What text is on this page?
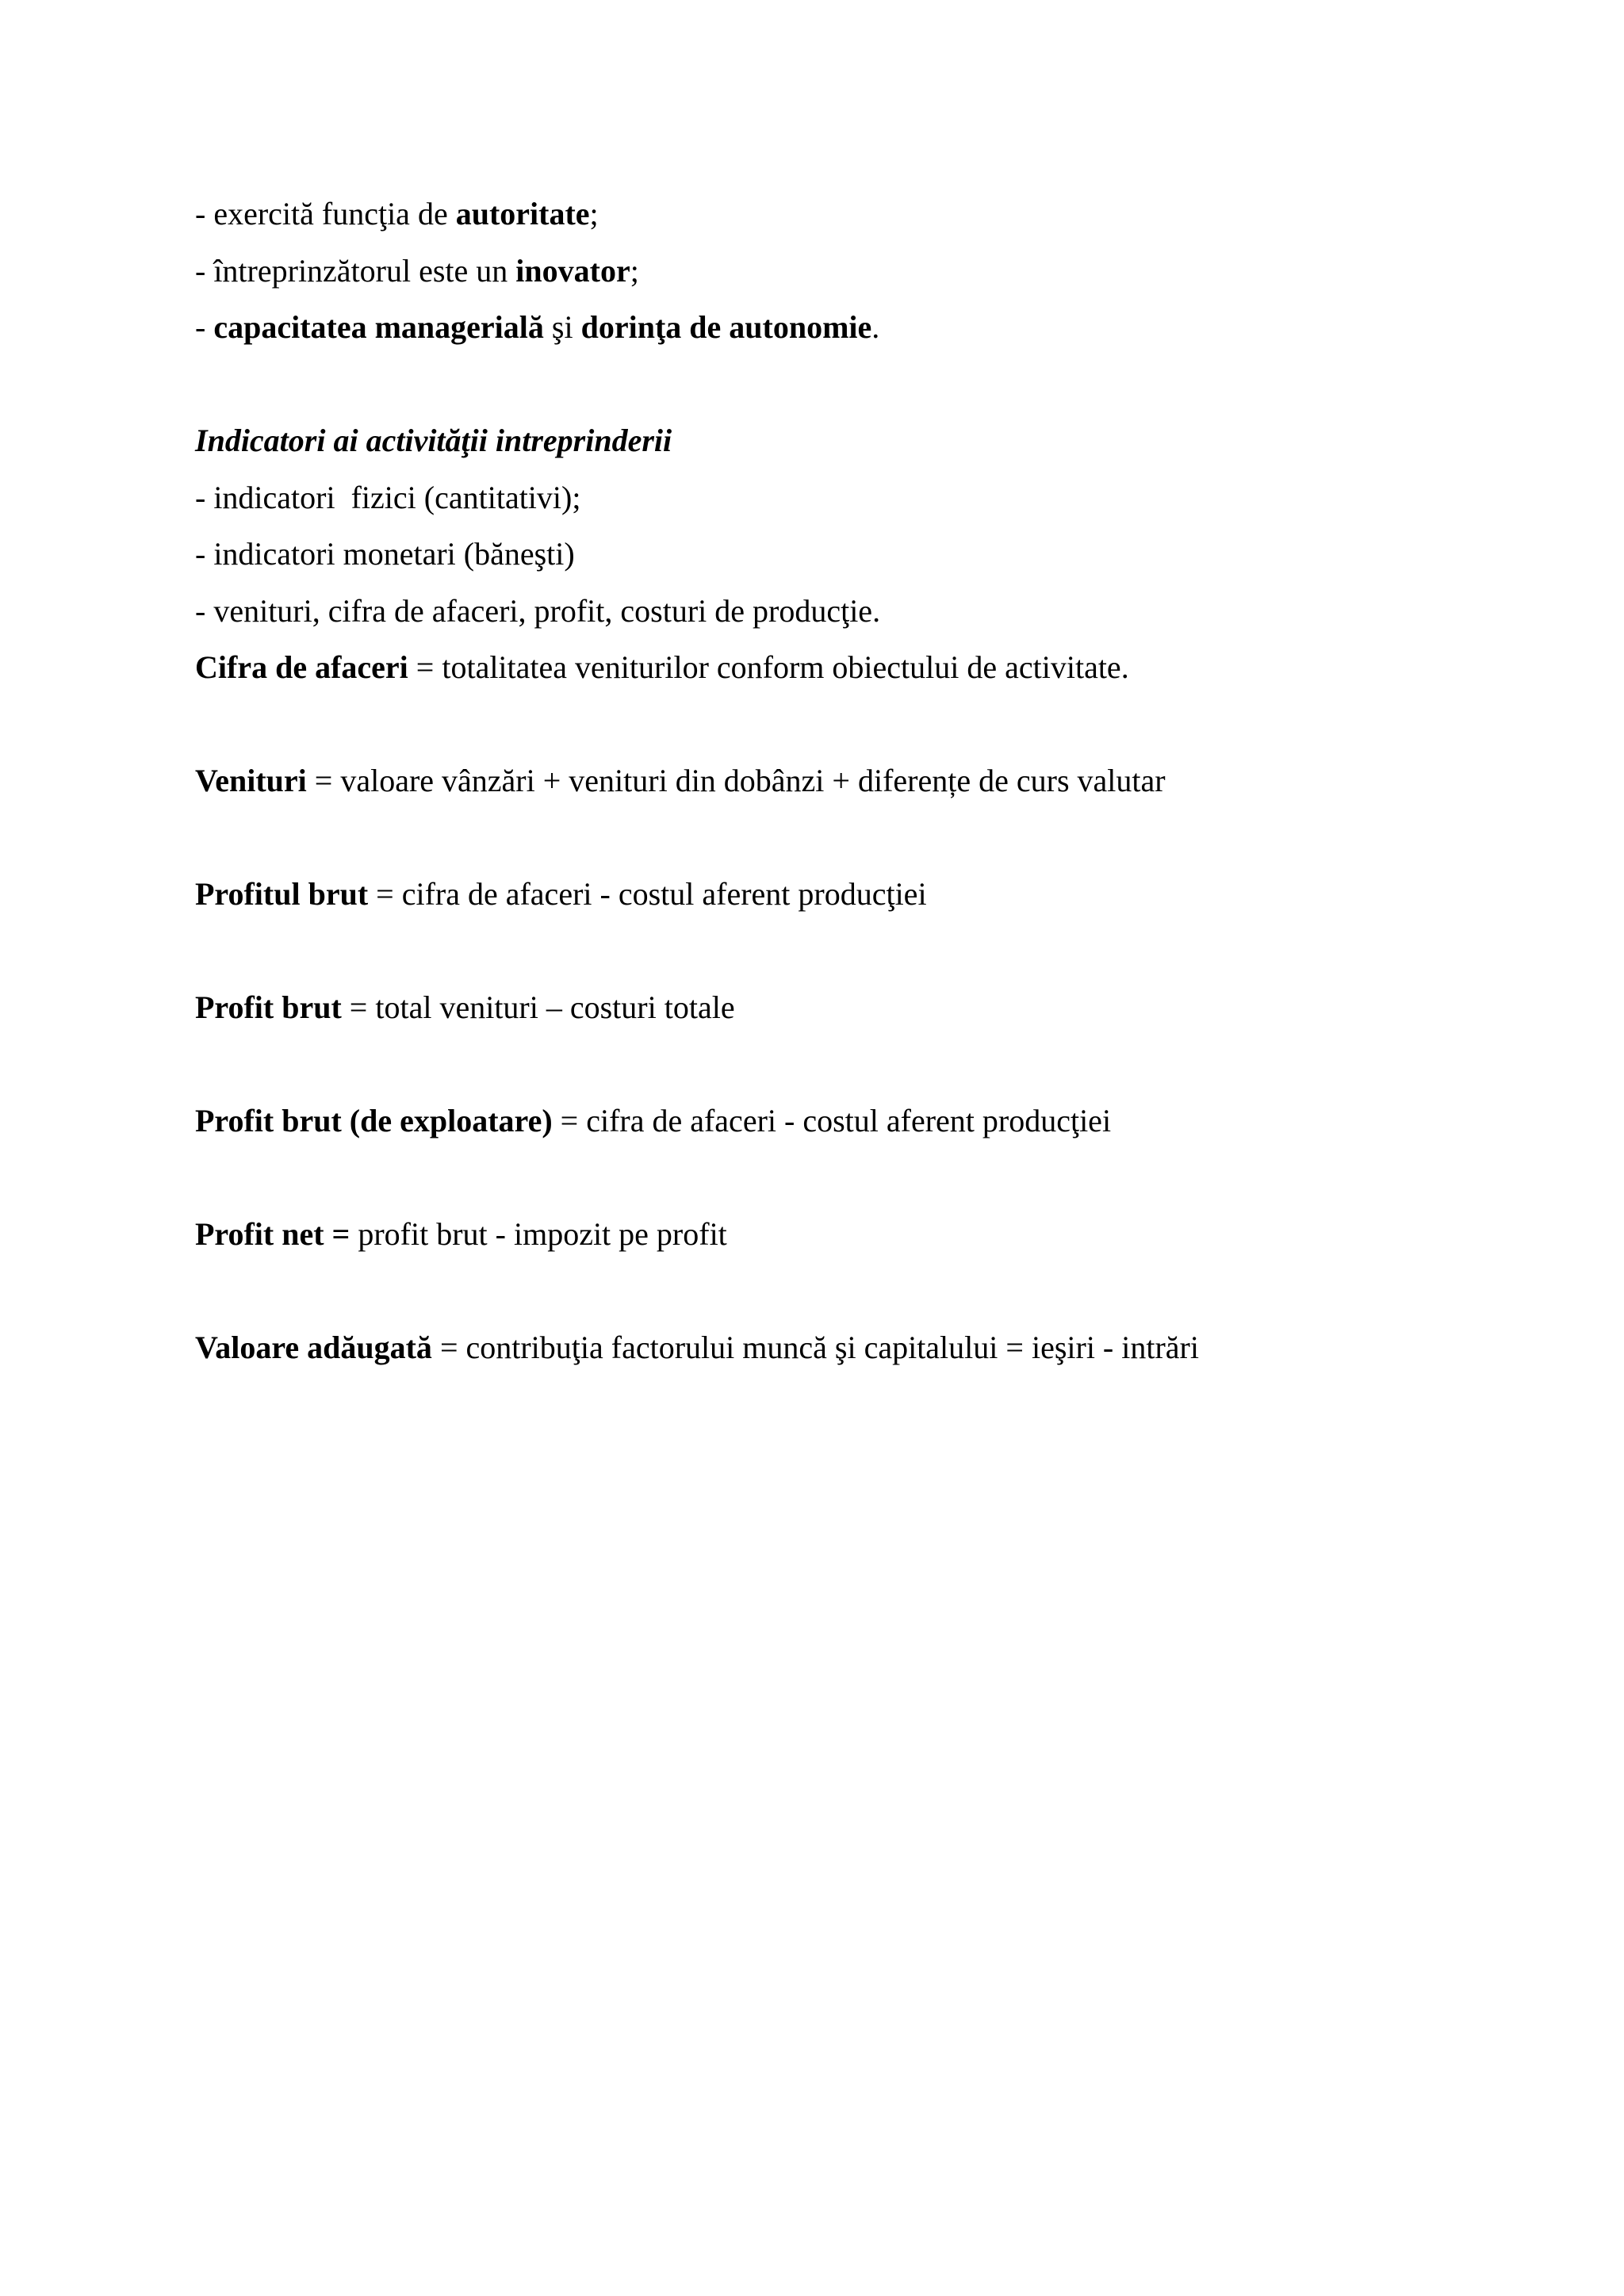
- exercită funcţia de autoritate;
- întreprinzătorul este un inovator;
- capacitatea managerială şi dorinţa de autonomie.
Indicatori ai activităţii intreprinderii
- indicatori  fizici (cantitativi);
- indicatori monetari (băneşti)
- venituri, cifra de afaceri, profit, costuri de producţie.
Cifra de afaceri = totalitatea veniturilor conform obiectului de activitate.
Venituri = valoare vânzări + venituri din dobânzi + diferențe de curs valutar
Profitul brut = cifra de afaceri - costul aferent producţiei
Profit brut = total venituri – costuri totale
Profit brut (de exploatare) = cifra de afaceri - costul aferent producţiei
Profit net = profit brut - impozit pe profit
Valoare adăugată = contribuţia factorului muncă şi capitalului = ieşiri - intrări
